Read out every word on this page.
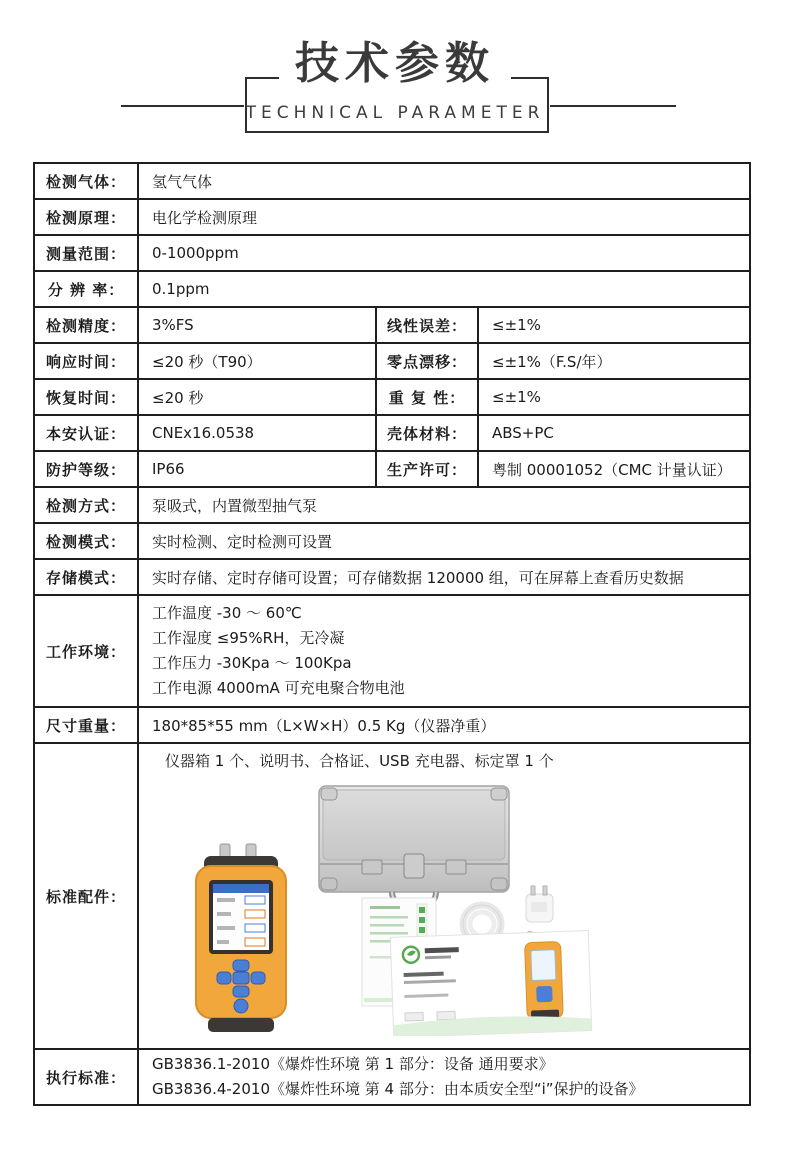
技术参数
TECHNICAL PARAMETER
检测气体：	氢气气体		
检测原理：	电化学检测原理		
测量范围：	0-1000ppm		
分 辨 率：	0.1ppm		
检测精度：	3%FS	线性误差：	≤±1%
响应时间：	≤20 秒（T90）	零点漂移：	≤±1%（F.S/年）
恢复时间：	≤20 秒	重 复 性：	≤±1%
本安认证：	CNEx16.0538	壳体材料：	ABS+PC
防护等级：	IP66	生产许可：	粤制 00001052（CMC 计量认证）
检测方式：	泵吸式，内置微型抽气泵		
检测模式：	实时检测、定时检测可设置		
存储模式：	实时存储、定时存储可设置；可存储数据 120000 组，可在屏幕上查看历史数据		
工作环境：	工作温度 -30 ～ 60℃
工作湿度 ≤95%RH，无冷凝
工作压力 -30Kpa ～ 100Kpa
工作电源 4000mA 可充电聚合物电池		

尺寸重量：	180*85*55 mm（L×W×H）0.5 Kg（仪器净重）		
标准配件：	仪器箱 1 个、说明书、合格证、USB 充电器、标定罩 1 个		

执行标准：	GB3836.1-2010《爆炸性环境 第 1 部分：设备 通用要求》
GB3836.4-2010《爆炸性环境 第 4 部分：由本质安全型“i”保护的设备》		
